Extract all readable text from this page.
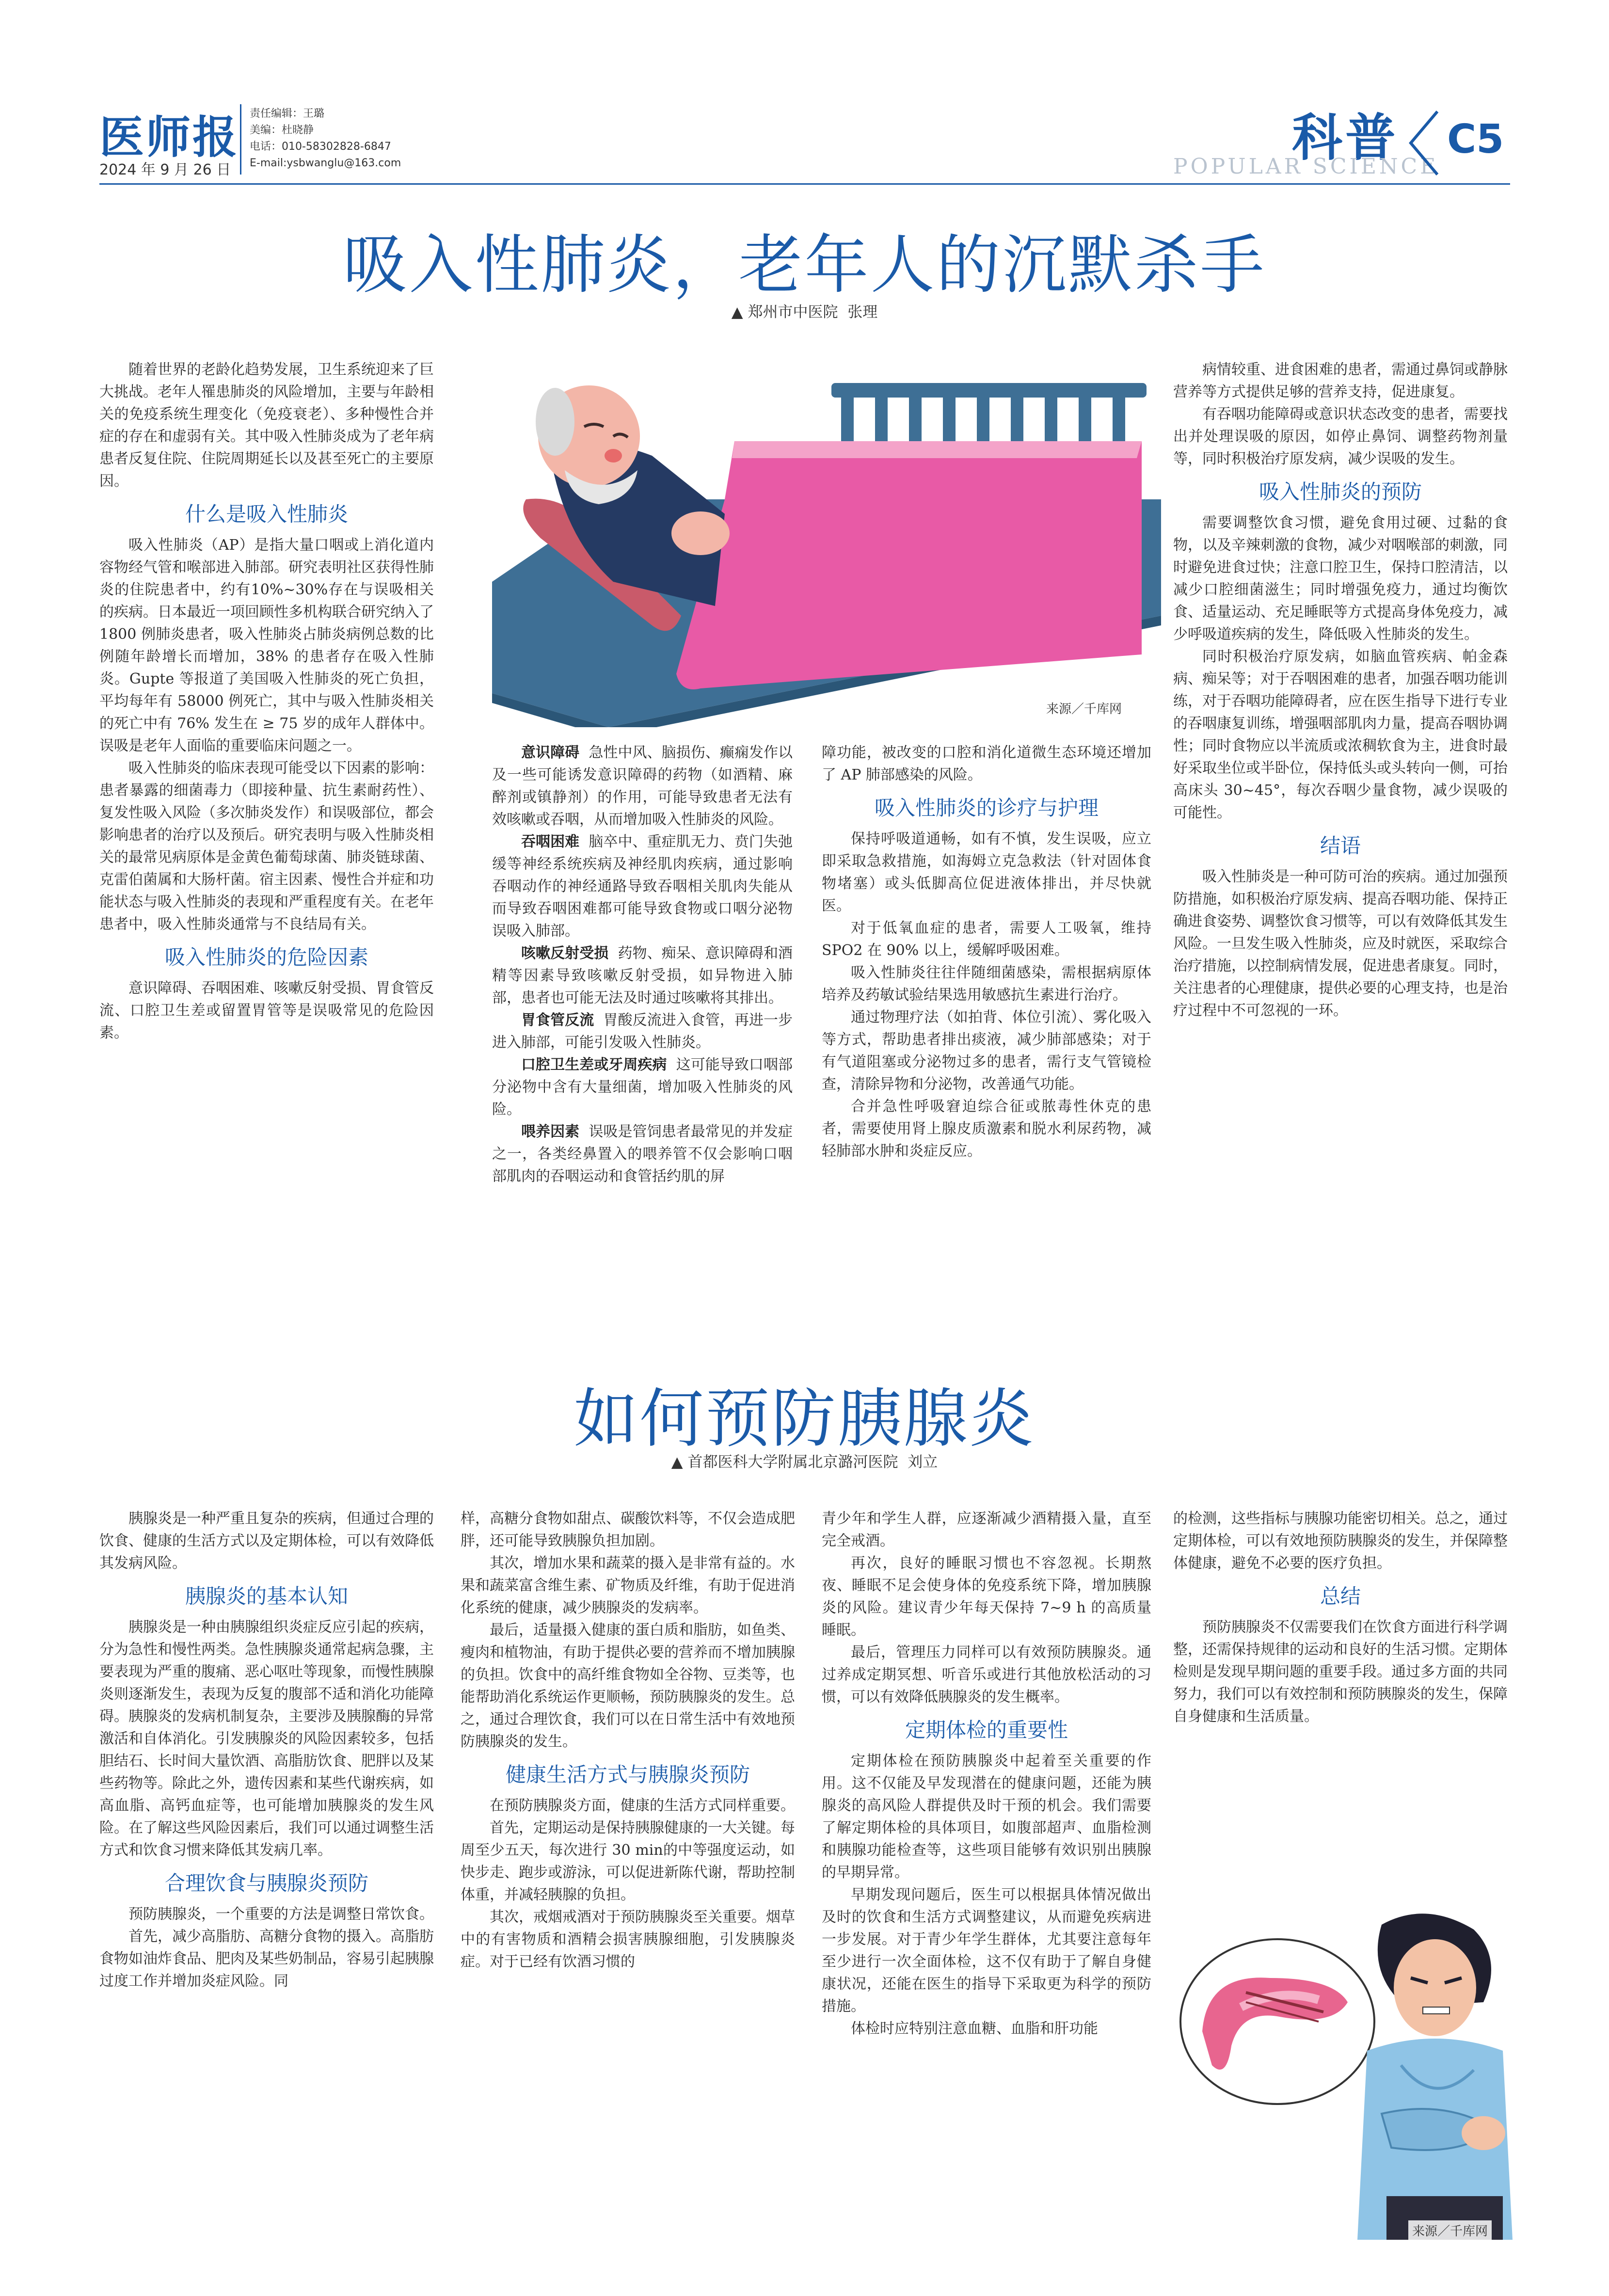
医师报
2024 年 9 月 26 日
责任编辑：王璐
美编：杜晓静
电话：010-58302828-6847
E-mail:ysbwanglu@163.com	科普
POPULAR SCIENCE
C5
吸入性肺炎，老年人的沉默杀手
▲ 郑州市中医院 张理
来源／千库网

随着世界的老龄化趋势发展，卫生系统迎来了巨大挑战。老年人罹患肺炎的风险增加，主要与年龄相关的免疫系统生理变化（免疫衰老）、多种慢性合并症的存在和虚弱有关。其中吸入性肺炎成为了老年病患者反复住院、住院周期延长以及甚至死亡的主要原因。

什么是吸入性肺炎

吸入性肺炎（AP）是指大量口咽或上消化道内容物经气管和喉部进入肺部。研究表明社区获得性肺炎的住院患者中，约有10%~30%存在与误吸相关的疾病。日本最近一项回顾性多机构联合研究纳入了 1800 例肺炎患者，吸入性肺炎占肺炎病例总数的比例随年龄增长而增加，38% 的患者存在吸入性肺炎。Gupte 等报道了美国吸入性肺炎的死亡负担，平均每年有 58000 例死亡，其中与吸入性肺炎相关的死亡中有 76% 发生在 ≥ 75 岁的成年人群体中。误吸是老年人面临的重要临床问题之一。

吸入性肺炎的临床表现可能受以下因素的影响：患者暴露的细菌毒力（即接种量、抗生素耐药性）、复发性吸入风险（多次肺炎发作）和误吸部位，都会影响患者的治疗以及预后。研究表明与吸入性肺炎相关的最常见病原体是金黄色葡萄球菌、肺炎链球菌、克雷伯菌属和大肠杆菌。宿主因素、慢性合并症和功能状态与吸入性肺炎的表现和严重程度有关。在老年患者中，吸入性肺炎通常与不良结局有关。

吸入性肺炎的危险因素

意识障碍、吞咽困难、咳嗽反射受损、胃食管反流、口腔卫生差或留置胃管等是误吸常见的危险因素。

意识障碍 急性中风、脑损伤、癫痫发作以及一些可能诱发意识障碍的药物（如酒精、麻醉剂或镇静剂）的作用，可能导致患者无法有效咳嗽或吞咽，从而增加吸入性肺炎的风险。

吞咽困难 脑卒中、重症肌无力、贲门失弛缓等神经系统疾病及神经肌肉疾病，通过影响吞咽动作的神经通路导致吞咽相关肌肉失能从而导致吞咽困难都可能导致食物或口咽分泌物误吸入肺部。

咳嗽反射受损 药物、痴呆、意识障碍和酒精等因素导致咳嗽反射受损，如异物进入肺部，患者也可能无法及时通过咳嗽将其排出。

胃食管反流 胃酸反流进入食管，再进一步进入肺部，可能引发吸入性肺炎。

口腔卫生差或牙周疾病 这可能导致口咽部分泌物中含有大量细菌，增加吸入性肺炎的风险。

喂养因素 误吸是管饲患者最常见的并发症之一，各类经鼻置入的喂养管不仅会影响口咽部肌肉的吞咽运动和食管括约肌的屏

障功能，被改变的口腔和消化道微生态环境还增加了 AP 肺部感染的风险。

吸入性肺炎的诊疗与护理

保持呼吸道通畅，如有不慎，发生误吸，应立即采取急救措施，如海姆立克急救法（针对固体食物堵塞）或头低脚高位促进液体排出，并尽快就医。

对于低氧血症的患者，需要人工吸氧，维持 SPO2 在 90% 以上，缓解呼吸困难。

吸入性肺炎往往伴随细菌感染，需根据病原体培养及药敏试验结果选用敏感抗生素进行治疗。

通过物理疗法（如拍背、体位引流）、雾化吸入等方式，帮助患者排出痰液，减少肺部感染；对于有气道阻塞或分泌物过多的患者，需行支气管镜检查，清除异物和分泌物，改善通气功能。

合并急性呼吸窘迫综合征或脓毒性休克的患者，需要使用肾上腺皮质激素和脱水利尿药物，减轻肺部水肿和炎症反应。

病情较重、进食困难的患者，需通过鼻饲或静脉营养等方式提供足够的营养支持，促进康复。

有吞咽功能障碍或意识状态改变的患者，需要找出并处理误吸的原因，如停止鼻饲、调整药物剂量等，同时积极治疗原发病，减少误吸的发生。

吸入性肺炎的预防

需要调整饮食习惯，避免食用过硬、过黏的食物，以及辛辣刺激的食物，减少对咽喉部的刺激，同时避免进食过快；注意口腔卫生，保持口腔清洁，以减少口腔细菌滋生；同时增强免疫力，通过均衡饮食、适量运动、充足睡眠等方式提高身体免疫力，减少呼吸道疾病的发生，降低吸入性肺炎的发生。

同时积极治疗原发病，如脑血管疾病、帕金森病、痴呆等；对于吞咽困难的患者，加强吞咽功能训练，对于吞咽功能障碍者，应在医生指导下进行专业的吞咽康复训练，增强咽部肌肉力量，提高吞咽协调性；同时食物应以半流质或浓稠软食为主，进食时最好采取坐位或半卧位，保持低头或头转向一侧，可抬高床头 30~45°，每次吞咽少量食物，减少误吸的可能性。

结语

吸入性肺炎是一种可防可治的疾病。通过加强预防措施，如积极治疗原发病、提高吞咽功能、保持正确进食姿势、调整饮食习惯等，可以有效降低其发生风险。一旦发生吸入性肺炎，应及时就医，采取综合治疗措施，以控制病情发展，促进患者康复。同时，关注患者的心理健康，提供必要的心理支持，也是治疗过程中不可忽视的一环。

如何预防胰腺炎
▲ 首都医科大学附属北京潞河医院 刘立

胰腺炎是一种严重且复杂的疾病，但通过合理的饮食、健康的生活方式以及定期体检，可以有效降低其发病风险。

胰腺炎的基本认知

胰腺炎是一种由胰腺组织炎症反应引起的疾病，分为急性和慢性两类。急性胰腺炎通常起病急骤，主要表现为严重的腹痛、恶心呕吐等现象，而慢性胰腺炎则逐渐发生，表现为反复的腹部不适和消化功能障碍。胰腺炎的发病机制复杂，主要涉及胰腺酶的异常激活和自体消化。引发胰腺炎的风险因素较多，包括胆结石、长时间大量饮酒、高脂肪饮食、肥胖以及某些药物等。除此之外，遗传因素和某些代谢疾病，如高血脂、高钙血症等，也可能增加胰腺炎的发生风险。在了解这些风险因素后，我们可以通过调整生活方式和饮食习惯来降低其发病几率。

合理饮食与胰腺炎预防

预防胰腺炎，一个重要的方法是调整日常饮食。

首先，减少高脂肪、高糖分食物的摄入。高脂肪食物如油炸食品、肥肉及某些奶制品，容易引起胰腺过度工作并增加炎症风险。同

样，高糖分食物如甜点、碳酸饮料等，不仅会造成肥胖，还可能导致胰腺负担加剧。

其次，增加水果和蔬菜的摄入是非常有益的。水果和蔬菜富含维生素、矿物质及纤维，有助于促进消化系统的健康，减少胰腺炎的发病率。

最后，适量摄入健康的蛋白质和脂肪，如鱼类、瘦肉和植物油，有助于提供必要的营养而不增加胰腺的负担。饮食中的高纤维食物如全谷物、豆类等，也能帮助消化系统运作更顺畅，预防胰腺炎的发生。总之，通过合理饮食，我们可以在日常生活中有效地预防胰腺炎的发生。

健康生活方式与胰腺炎预防

在预防胰腺炎方面，健康的生活方式同样重要。

首先，定期运动是保持胰腺健康的一大关键。每周至少五天，每次进行 30 min的中等强度运动，如快步走、跑步或游泳，可以促进新陈代谢，帮助控制体重，并减轻胰腺的负担。

其次，戒烟戒酒对于预防胰腺炎至关重要。烟草中的有害物质和酒精会损害胰腺细胞，引发胰腺炎症。对于已经有饮酒习惯的

青少年和学生人群，应逐渐减少酒精摄入量，直至完全戒酒。

再次，良好的睡眠习惯也不容忽视。长期熬夜、睡眠不足会使身体的免疫系统下降，增加胰腺炎的风险。建议青少年每天保持 7~9 h 的高质量睡眠。

最后，管理压力同样可以有效预防胰腺炎。通过养成定期冥想、听音乐或进行其他放松活动的习惯，可以有效降低胰腺炎的发生概率。

定期体检的重要性

定期体检在预防胰腺炎中起着至关重要的作用。这不仅能及早发现潜在的健康问题，还能为胰腺炎的高风险人群提供及时干预的机会。我们需要了解定期体检的具体项目，如腹部超声、血脂检测和胰腺功能检查等，这些项目能够有效识别出胰腺的早期异常。

早期发现问题后，医生可以根据具体情况做出及时的饮食和生活方式调整建议，从而避免疾病进一步发展。对于青少年学生群体，尤其要注意每年至少进行一次全面体检，这不仅有助于了解自身健康状况，还能在医生的指导下采取更为科学的预防措施。

体检时应特别注意血糖、血脂和肝功能

的检测，这些指标与胰腺功能密切相关。总之，通过定期体检，可以有效地预防胰腺炎的发生，并保障整体健康，避免不必要的医疗负担。

总结

预防胰腺炎不仅需要我们在饮食方面进行科学调整，还需保持规律的运动和良好的生活习惯。定期体检则是发现早期问题的重要手段。通过多方面的共同努力，我们可以有效控制和预防胰腺炎的发生，保障自身健康和生活质量。

来源／千库网
